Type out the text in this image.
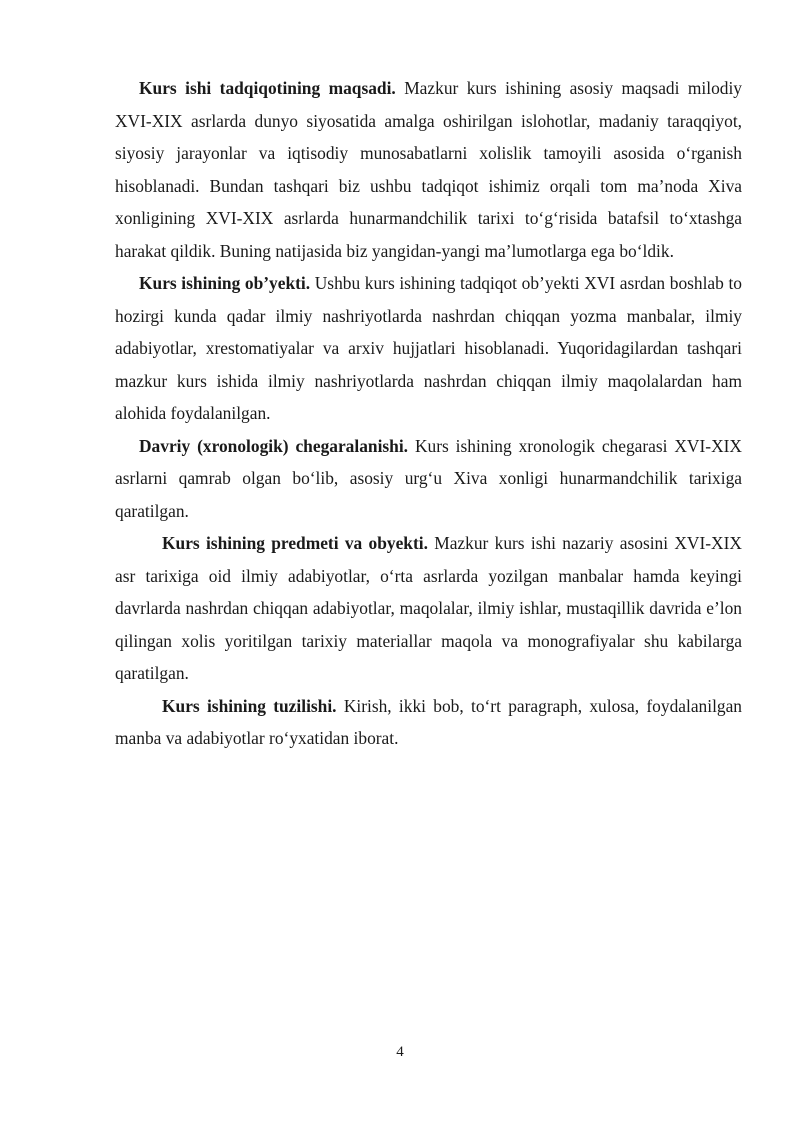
Kurs ishi tadqiqotining maqsadi. Mazkur kurs ishining asosiy maqsadi milodiy XVI-XIX asrlarda dunyo siyosatida amalga oshirilgan islohotlar, madaniy taraqqiyot, siyosiy jarayonlar va iqtisodiy munosabatlarni xolislik tamoyili asosida oʻrganish hisoblanadi. Bundan tashqari biz ushbu tadqiqot ishimiz orqali tom maʼnoda Xiva xonligining XVI-XIX asrlarda hunarmandchilik tarixi toʻgʻrisida batafsil toʻxtashga harakat qildik. Buning natijasida biz yangidan-yangi maʼlumotlarga ega boʻldik.

Kurs ishining ob’yekti. Ushbu kurs ishining tadqiqot ob’yekti XVI asrdan boshlab to hozirgi kunda qadar ilmiy nashriyotlarda nashrdan chiqqan yozma manbalar, ilmiy adabiyotlar, xrestomatiyalar va arxiv hujjatlari hisoblanadi. Yuqoridagilardan tashqari mazkur kurs ishida ilmiy nashriyotlarda nashrdan chiqqan ilmiy maqolalardan ham alohida foydalanilgan.

Davriy (xronologik) chegaralanishi. Kurs ishining xronologik chegarasi XVI-XIX asrlarni qamrab olgan boʻlib, asosiy urgʻu Xiva xonligi hunarmandchilik tarixiga qaratilgan.

Kurs ishining predmeti va obyekti. Mazkur kurs ishi nazariy asosini XVI-XIX asr tarixiga oid ilmiy adabiyotlar, oʻrta asrlarda yozilgan manbalar hamda keyingi davrlarda nashrdan chiqqan adabiyotlar, maqolalar, ilmiy ishlar, mustaqillik davrida e’lon qilingan xolis yoritilgan tarixiy materiallar maqola va monografiyalar shu kabilarga qaratilgan.

Kurs ishining tuzilishi. Kirish, ikki bob, toʻrt paragraph, xulosa, foydalanilgan manba va adabiyotlar roʻyxatidan iborat.

4
